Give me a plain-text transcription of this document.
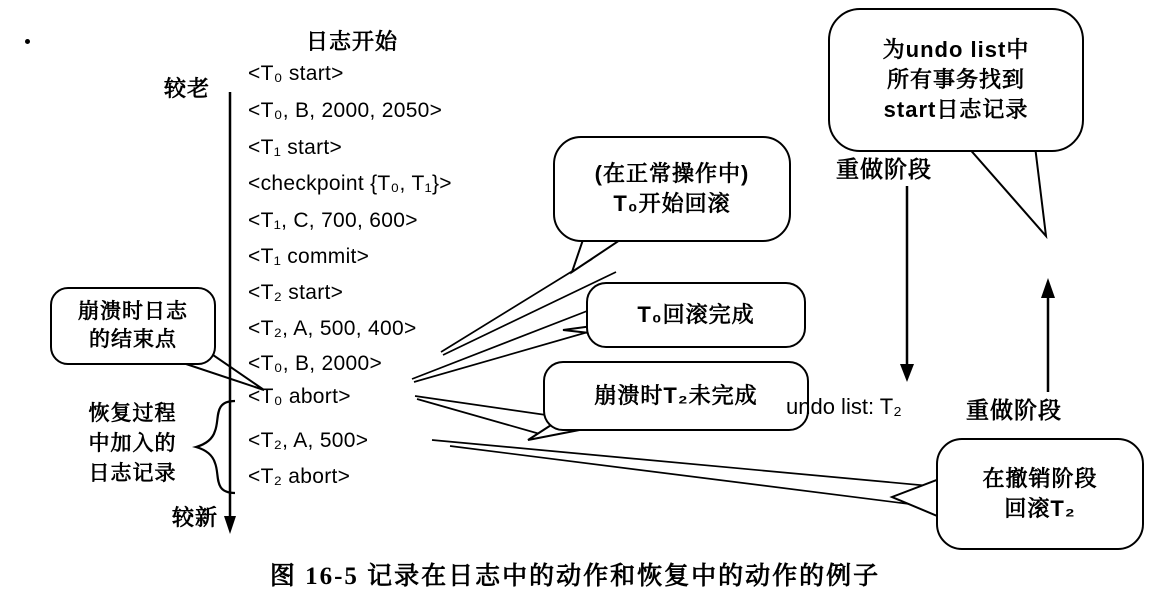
日志开始
较老
较新
<T₀ start>
<T₀, B, 2000, 2050>
<T₁ start>
<checkpoint {T₀, T₁}>
<T₁, C, 700, 600>
<T₁ commit>
<T₂ start>
<T₂, A, 500, 400>
<T₀, B, 2000>
<T₀ abort>
<T₂, A, 500>
<T₂ abort>
(在正常操作中)
T₀开始回滚
T₀回滚完成
崩溃时T₂未完成
为undo list中
所有事务找到
start日志记录
在撤销阶段
回滚T₂
崩溃时日志
的结束点
重做阶段
重做阶段
undo list: T₂
恢复过程
中加入的
日志记录
图 16-5 记录在日志中的动作和恢复中的动作的例子
